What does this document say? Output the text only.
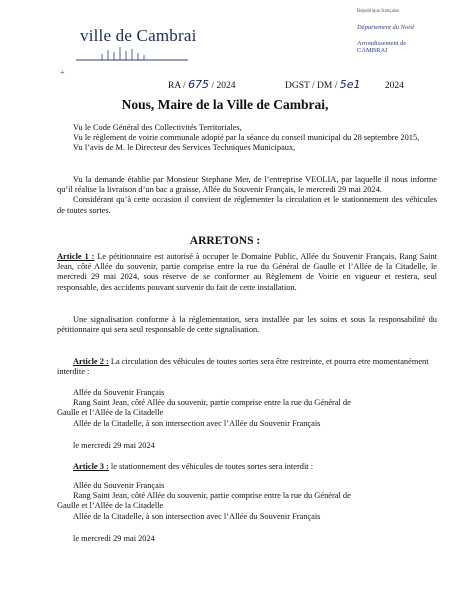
ville de Cambrai
République française
Département du Nord
Arrondissement de CAMBRAI
+
RA / 675 / 2024	DGST / DM / 5e1	2024
Nous, Maire de la Ville de Cambrai,

Vu le Code Général des Collectivités Territoriales,

Vu le règlement de voirie communale adopté par la séance du conseil municipal du 28 septembre 2015,

Vu l’avis de M. le Directeur des Services Techniques Municipaux,

Vu la demande établie par Monsieur Stephane Mer, de l’entreprise VEOLIA, par laquelle il nous informe qu’il réalise la livraison d’un bac a graisse, Allée du Souvenir Français, le mercredi 29 mai 2024.

Considérant qu’à cette occasion il convient de réglementer la circulation et le stationnement des véhicules de toutes sortes.

ARRETONS :

Article 1 : Le pétitionnaire est autorisé à occuper le Domaine Public, Allée du Souvenir Français, Rang Saint Jean, côté Allée du souvenir, partie comprise entre la rue du Général de Gaulle et l’Allée de la Citadelle, le mercredi 29 mai 2024, sous réserve de se conformer au Règlement de Voirie en vigueur et restera, seul responsable, des accidents pouvant survenir du fait de cette installation.

Une signalisation conforme à la réglementation, sera installée par les soins et sous la responsabilité du pétitionnaire qui sera seul responsable de cette signalisation.

Article 2 : La circulation des véhicules de toutes sortes sera être restreinte, et pourra etre momentanément interdite :

Allée du Souvenir Français

Rang Saint Jean, côté Allée du souvenir, partie comprise entre la rue du Général de

Gaulle et l’Allée de la Citadelle

Allée de la Citadelle, à son intersection avec l’Allée du Souvenir Français

le mercredi 29 mai 2024

Article 3 : le stationnement des véhicules de toutes sortes sera interdit :

Allée du Souvenir Français

Rang Saint Jean, côté Allée du souvenir, partie comprise entre la rue du Général de

Gaulle et l’Allée de la Citadelle

Allée de la Citadelle, à son intersection avec l’Allée du Souvenir Français

le mercredi 29 mai 2024
